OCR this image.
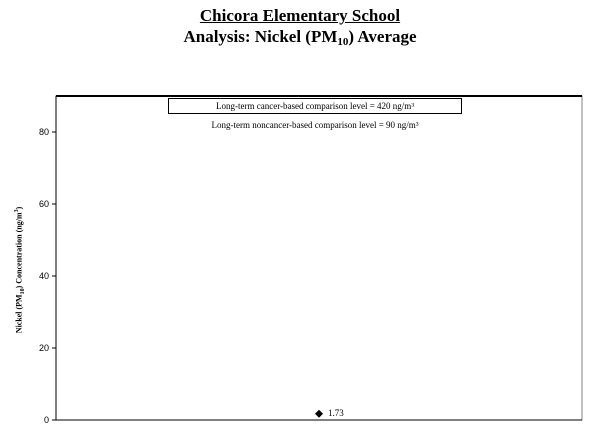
Chicora Elementary School
Analysis: Nickel $(PM_{10})$ Average
0
20
40
60
80
1.73
Nickel $(PM_{10})$ Concentration $(ng/m^3)$
Long-term cancer-based comparison level = 420 ng/m³
Long-term noncancer-based comparison level = 90 ng/m³
